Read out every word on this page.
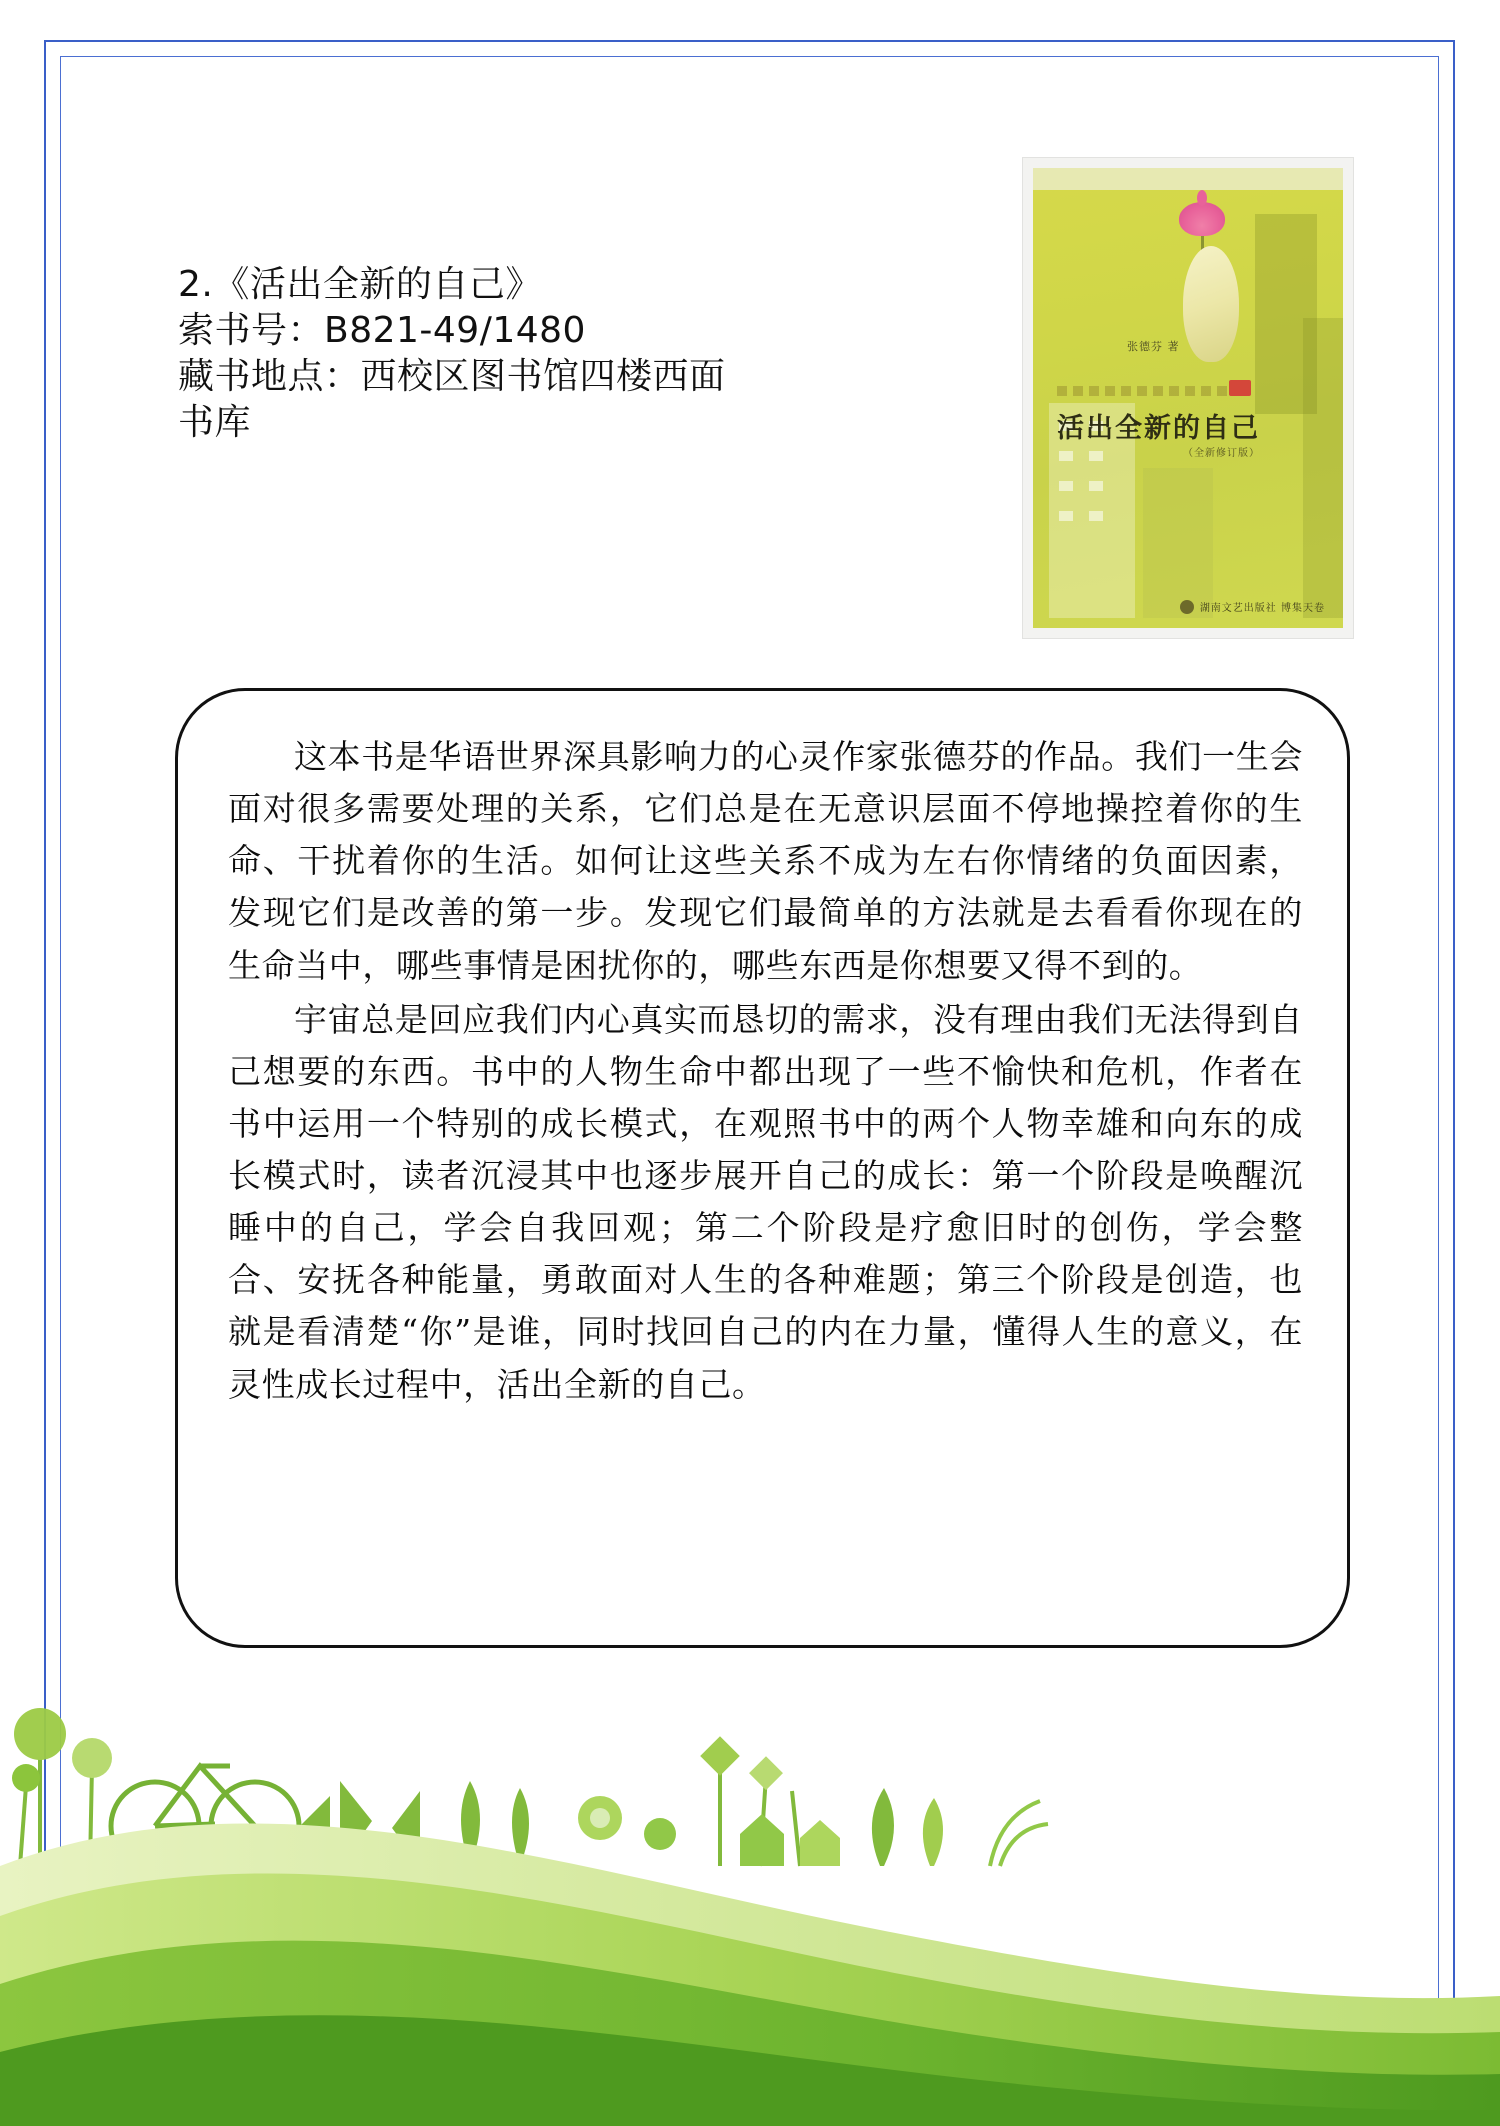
2.《活出全新的自己》
索书号：B821-49/1480
藏书地点：西校区图书馆四楼西面
书库
张德芬 著
活出全新的自己
（全新修订版）
湖南文艺出版社 博集天卷

这本书是华语世界深具影响力的心灵作家张德芬的作品。我们一生会面对很多需要处理的关系，它们总是在无意识层面不停地操控着你的生命、干扰着你的生活。如何让这些关系不成为左右你情绪的负面因素，发现它们是改善的第一步。发现它们最简单的方法就是去看看你现在的生命当中，哪些事情是困扰你的，哪些东西是你想要又得不到的。

宇宙总是回应我们内心真实而恳切的需求，没有理由我们无法得到自己想要的东西。书中的人物生命中都出现了一些不愉快和危机，作者在书中运用一个特别的成长模式，在观照书中的两个人物幸雄和向东的成长模式时，读者沉浸其中也逐步展开自己的成长：第一个阶段是唤醒沉睡中的自己，学会自我回观；第二个阶段是疗愈旧时的创伤，学会整合、安抚各种能量，勇敢面对人生的各种难题；第三个阶段是创造，也就是看清楚“你”是谁，同时找回自己的内在力量，懂得人生的意义，在灵性成长过程中，活出全新的自己。
